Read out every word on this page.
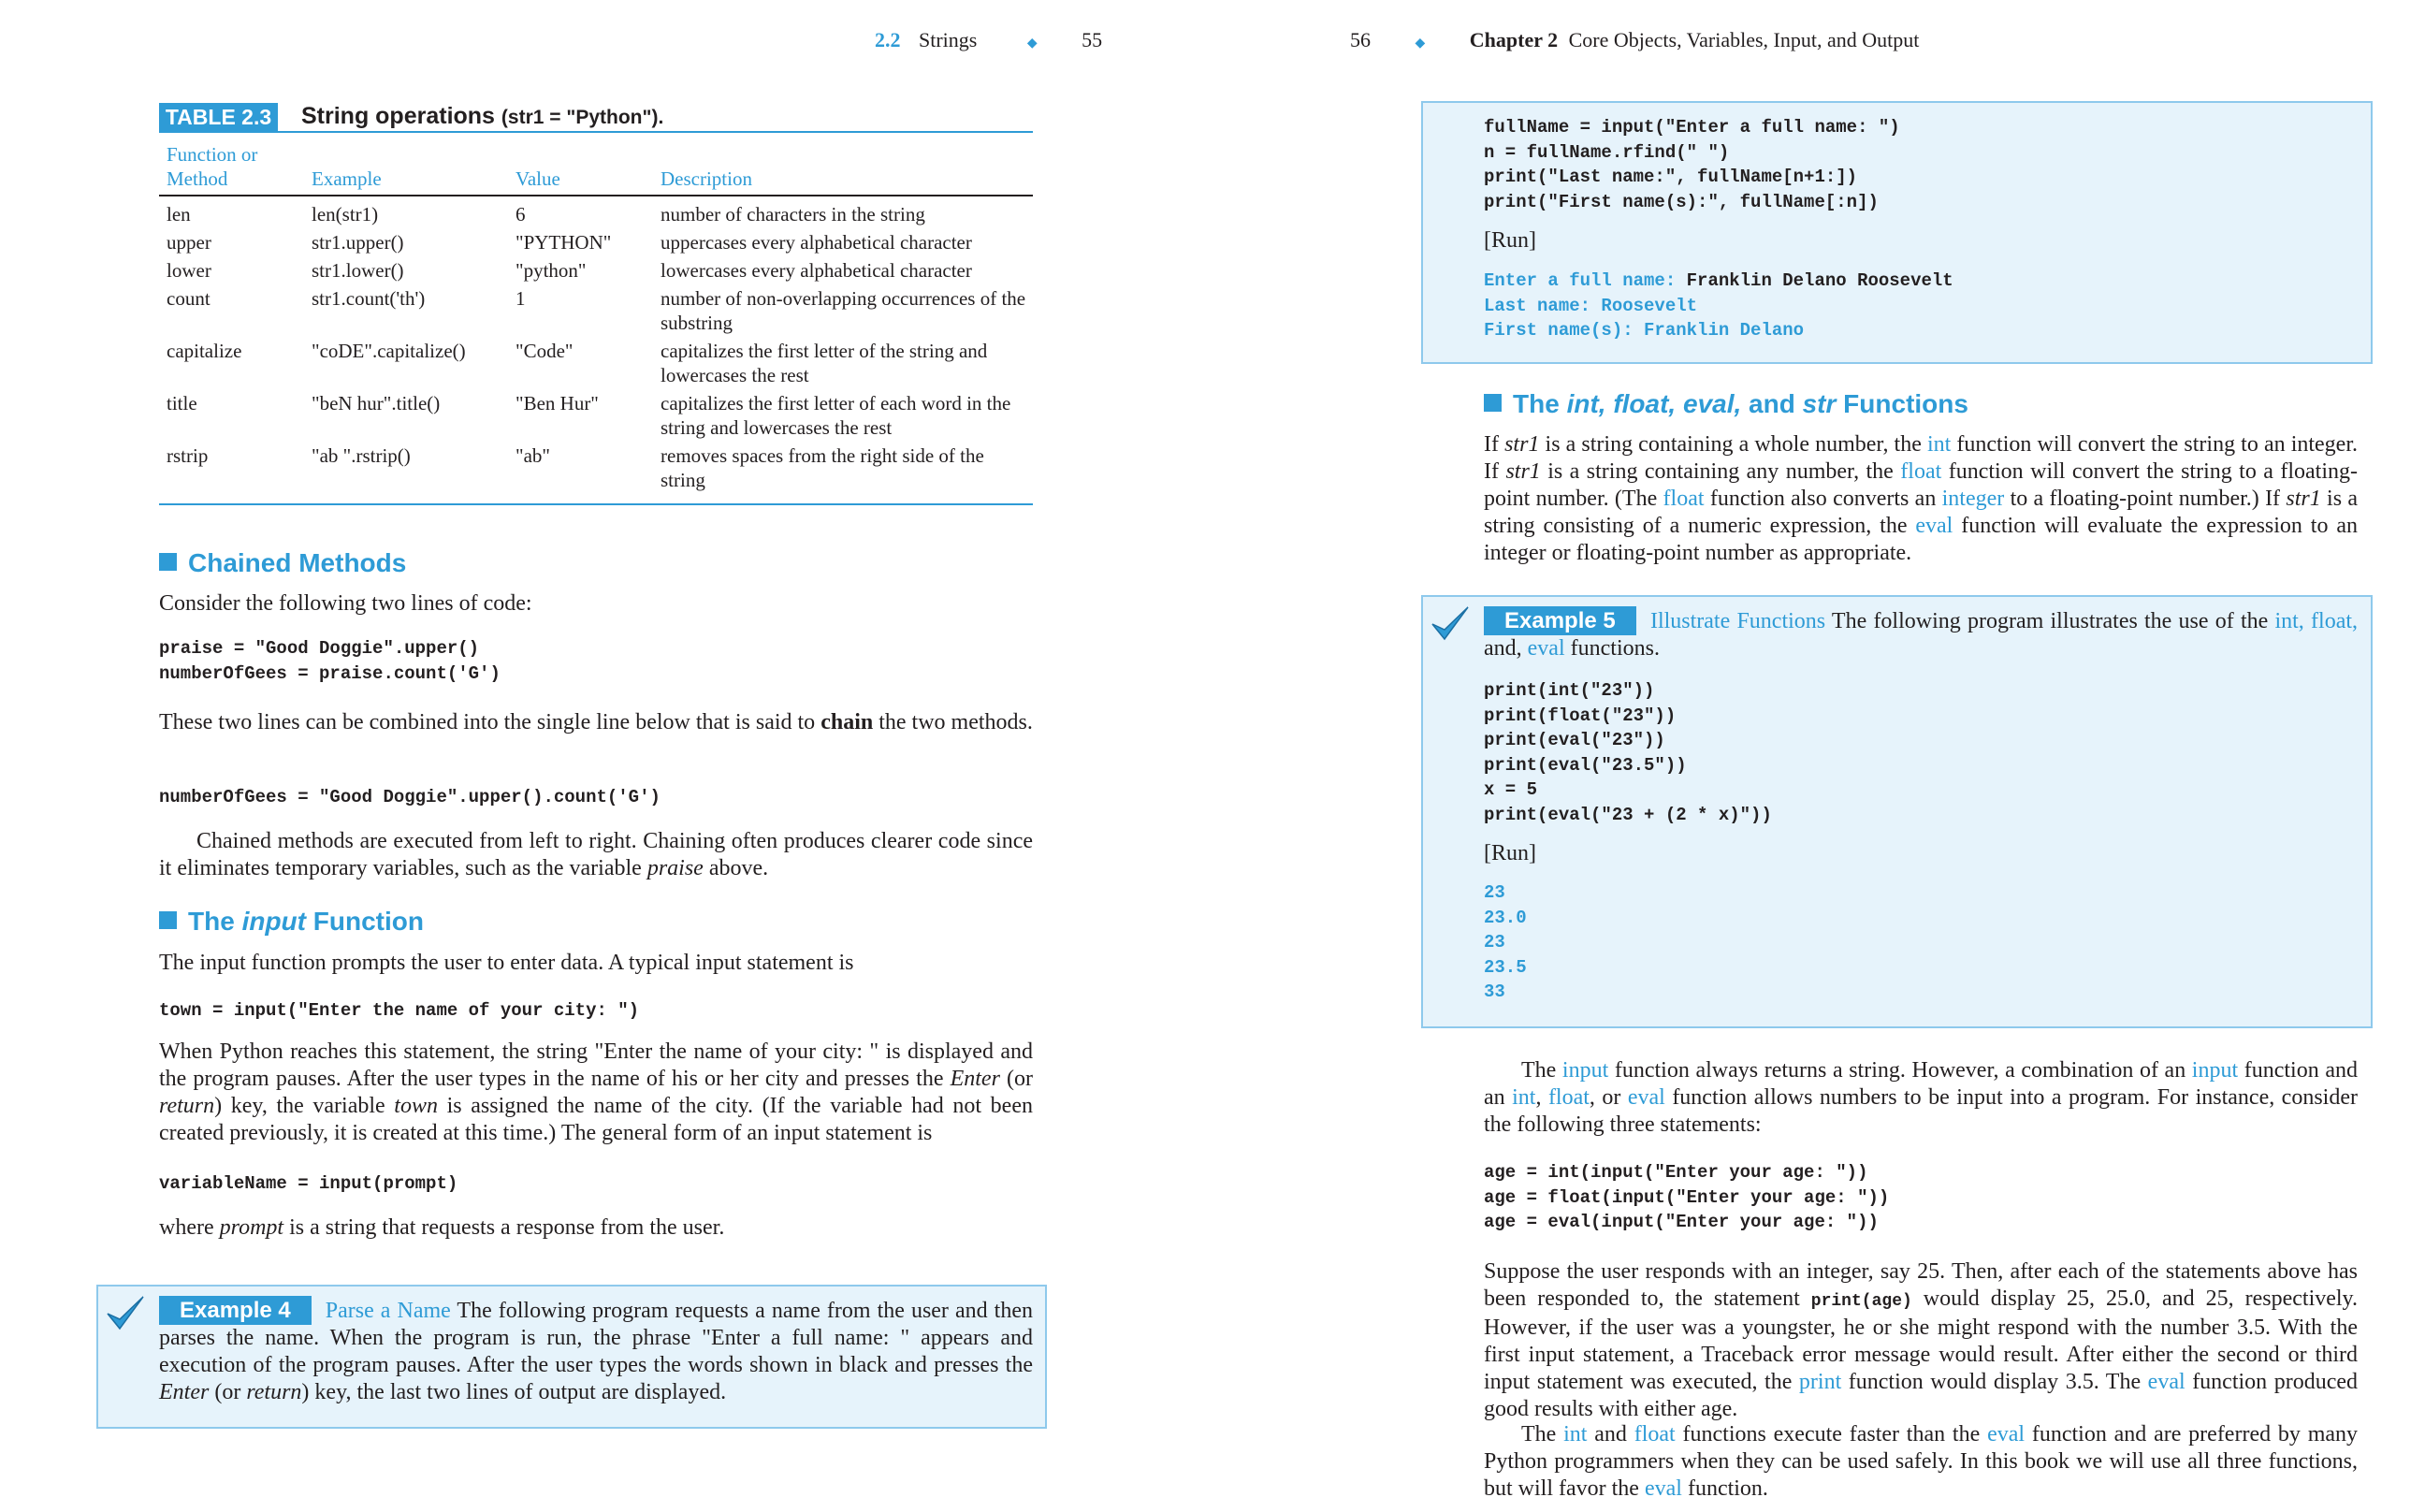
2.2 Strings	◆ 55
TABLE 2.3 String operations (str1 = "Python").
Function or
Method	Example	Value	Description

len	len(str1)	6	number of characters in the string
upper	str1.upper()	"PYTHON"	uppercases every alphabetical character
lower	str1.lower()	"python"	lowercases every alphabetical character
count	str1.count('th')	1	number of non-overlapping occurrences of the substring
capitalize	"coDE".capitalize()	"Code"	capitalizes the first letter of the string and lowercases the rest
title	"beN hur".title()	"Ben Hur"	capitalizes the first letter of each word in the string and lowercases the rest
rstrip	"ab ".rstrip()	"ab"	removes spaces from the right side of the string
Chained Methods

Consider the following two lines of code:

praise = "Good Doggie".upper()
numberOfGees = praise.count('G')

These two lines can be combined into the single line below that is said to chain the two methods.

numberOfGees = "Good Doggie".upper().count('G')

Chained methods are executed from left to right. Chaining often produces clearer code since it eliminates temporary variables, such as the variable praise above.

The input Function

The input function prompts the user to enter data. A typical input statement is

town = input("Enter the name of your city: ")

When Python reaches this statement, the string "Enter the name of your city: " is displayed and the program pauses. After the user types in the name of his or her city and presses the Enter (or return) key, the variable town is assigned the name of the city. (If the variable had not been created previously, it is created at this time.) The general form of an input statement is

variableName = input(prompt)

where prompt is a string that requests a response from the user.

Example 4 Parse a Name The following program requests a name from the user and then parses the name. When the program is run, the phrase "Enter a full name: " appears and execution of the program pauses. After the user types the words shown in black and presses the Enter (or return) key, the last two lines of output are displayed.

56	◆ Chapter 2 Core Objects, Variables, Input, and Output
fullName = input("Enter a full name: ")
n = fullName.rfind(" ")
print("Last name:", fullName[n+1:])
print("First name(s):", fullName[:n])

[Run]

Enter a full name: Franklin Delano Roosevelt
Last name: Roosevelt
First name(s): Franklin Delano
The int, float, eval, and str Functions

If str1 is a string containing a whole number, the int function will convert the string to an integer. If str1 is a string containing any number, the float function will convert the string to a floating-point number. (The float function also converts an integer to a floating-point number.) If str1 is a string consisting of a numeric expression, the eval function will evaluate the expression to an integer or floating-point number as appropriate.

Example 5 Illustrate Functions The following program illustrates the use of the int, float, and, eval functions.

print(int("23"))
print(float("23"))
print(eval("23"))
print(eval("23.5"))
x = 5
print(eval("23 + (2 * x)"))

[Run]

23
23.0
23
23.5
33

The input function always returns a string. However, a combination of an input function and an int, float, or eval function allows numbers to be input into a program. For instance, consider the following three statements:

age = int(input("Enter your age: "))
age = float(input("Enter your age: "))
age = eval(input("Enter your age: "))

Suppose the user responds with an integer, say 25. Then, after each of the statements above has been responded to, the statement print(age) would display 25, 25.0, and 25, respectively. However, if the user was a youngster, he or she might respond with the number 3.5. With the first input statement, a Traceback error message would result. After either the second or third input statement was executed, the print function would display 3.5. The eval function produced good results with either age.

The int and float functions execute faster than the eval function and are preferred by many Python programmers when they can be used safely. In this book we will use all three functions, but will favor the eval function.
